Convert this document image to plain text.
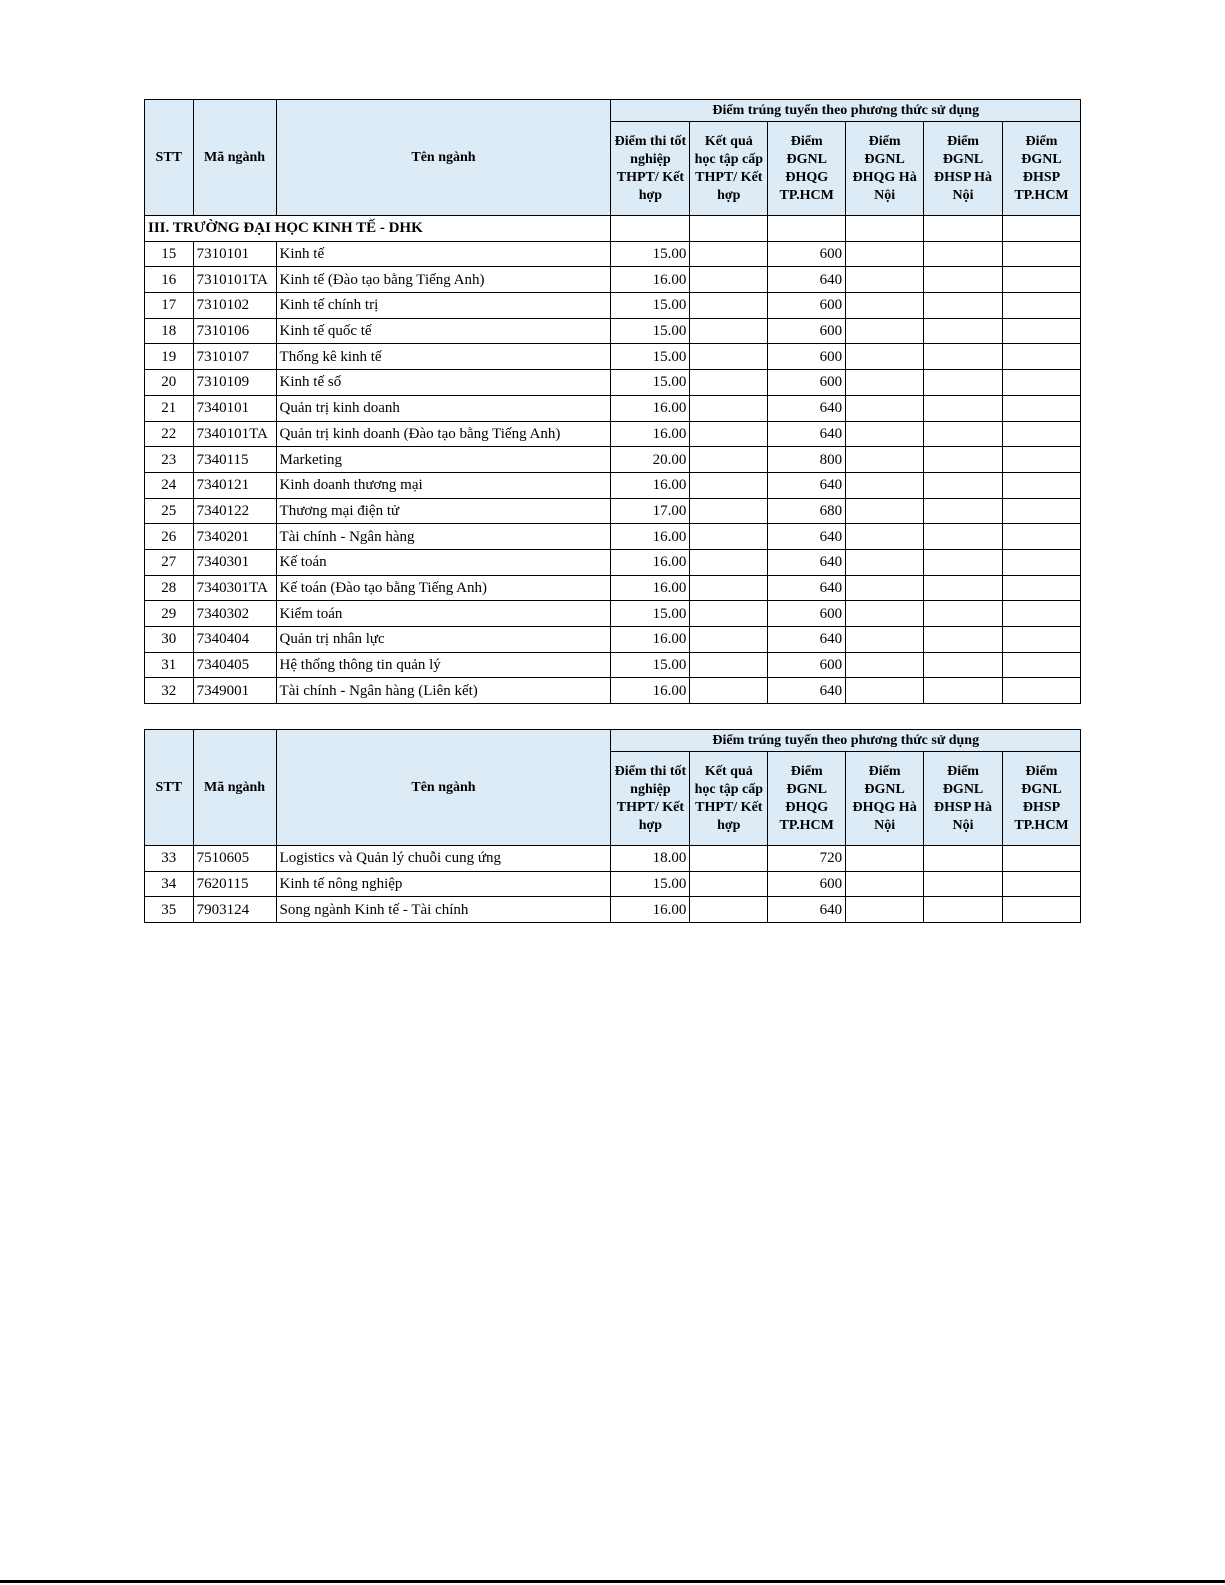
STT	Mã ngành	Tên ngành	Điểm trúng tuyển theo phương thức sử dụng					
			Điểm thi tốt nghiệp THPT/ Kết hợp	Kết quả học tập cấp THPT/ Kết hợp	Điểm ĐGNL ĐHQG TP.HCM	Điểm ĐGNL ĐHQG Hà Nội	Điểm ĐGNL ĐHSP Hà Nội	Điểm ĐGNL ĐHSP TP.HCM
III. TRƯỜNG ĐẠI HỌC KINH TẾ - DHK								
15	7310101	Kinh tế	15.00		600			
16	7310101TA	Kinh tế (Đào tạo bằng Tiếng Anh)	16.00		640			
17	7310102	Kinh tế chính trị	15.00		600			
18	7310106	Kinh tế quốc tế	15.00		600			
19	7310107	Thống kê kinh tế	15.00		600			
20	7310109	Kinh tế số	15.00		600			
21	7340101	Quản trị kinh doanh	16.00		640			
22	7340101TA	Quản trị kinh doanh (Đào tạo bằng Tiếng Anh)	16.00		640			
23	7340115	Marketing	20.00		800			
24	7340121	Kinh doanh thương mại	16.00		640			
25	7340122	Thương mại điện tử	17.00		680			
26	7340201	Tài chính - Ngân hàng	16.00		640			
27	7340301	Kế toán	16.00		640			
28	7340301TA	Kế toán (Đào tạo bằng Tiếng Anh)	16.00		640			
29	7340302	Kiểm toán	15.00		600			
30	7340404	Quản trị nhân lực	16.00		640			
31	7340405	Hệ thống thông tin quản lý	15.00		600			
32	7349001	Tài chính - Ngân hàng (Liên kết)	16.00		640			
STT	Mã ngành	Tên ngành	Điểm trúng tuyển theo phương thức sử dụng					
			Điểm thi tốt nghiệp THPT/ Kết hợp	Kết quả học tập cấp THPT/ Kết hợp	Điểm ĐGNL ĐHQG TP.HCM	Điểm ĐGNL ĐHQG Hà Nội	Điểm ĐGNL ĐHSP Hà Nội	Điểm ĐGNL ĐHSP TP.HCM
33	7510605	Logistics và Quản lý chuỗi cung ứng	18.00		720			
34	7620115	Kinh tế nông nghiệp	15.00		600			
35	7903124	Song ngành Kinh tế - Tài chính	16.00		640			
